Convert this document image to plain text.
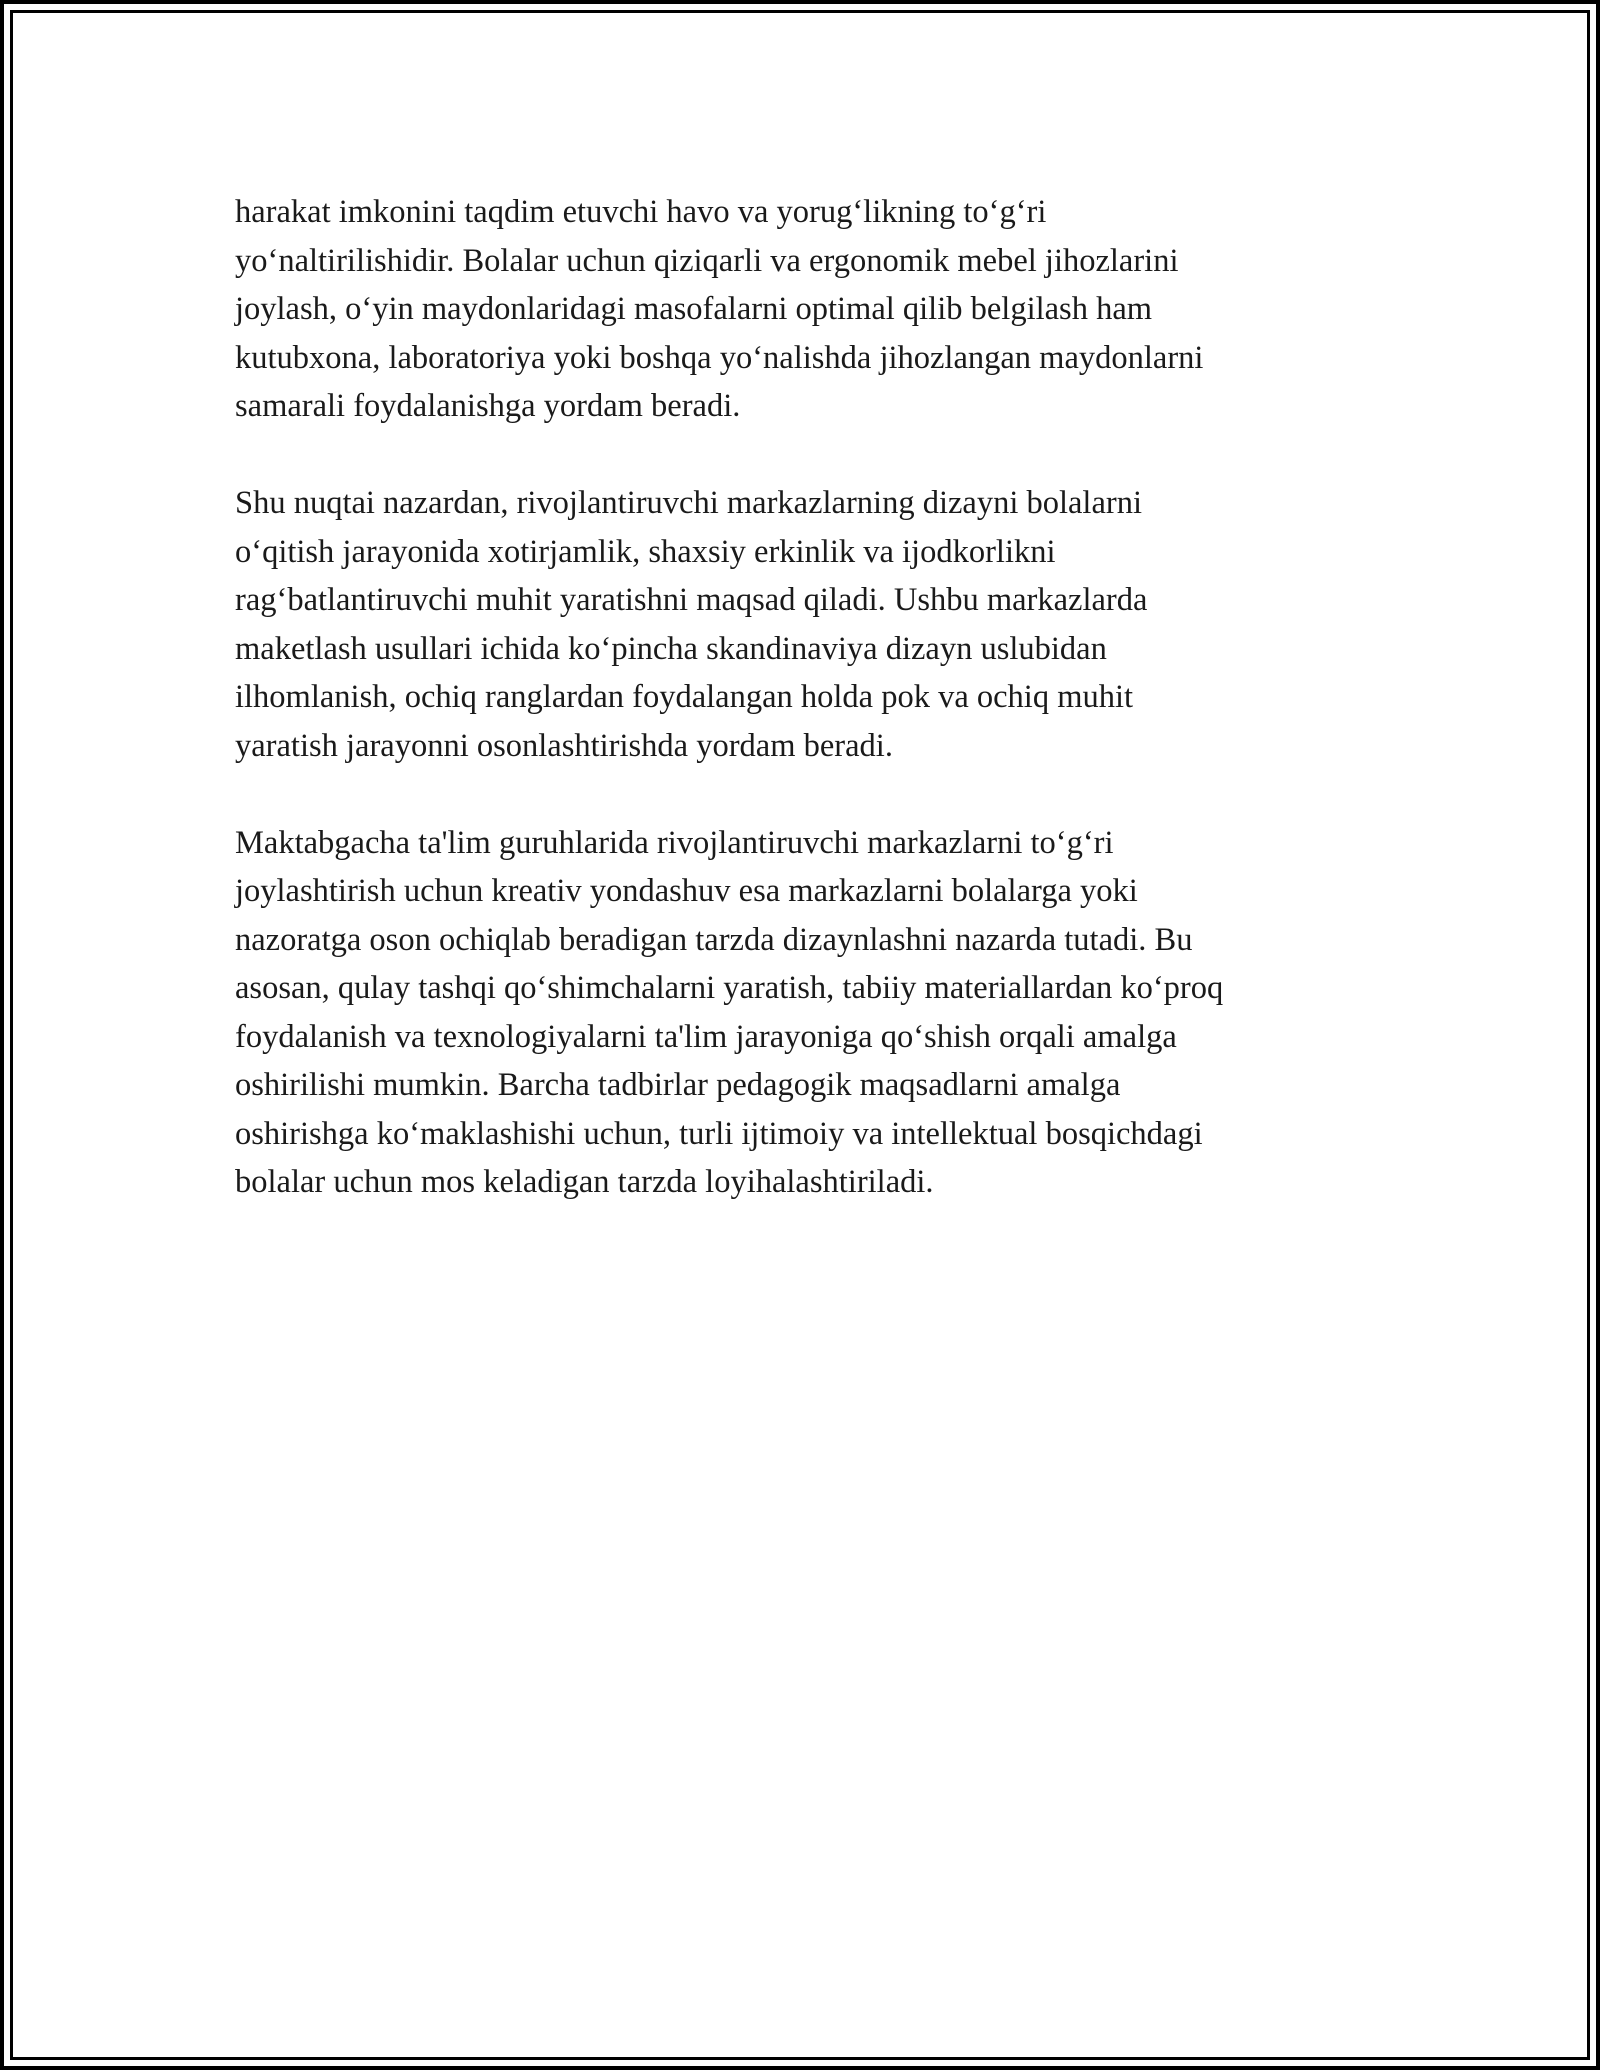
harakat imkonini taqdim etuvchi havo va yorug‘likning to‘g‘ri
yo‘naltirilishidir. Bolalar uchun qiziqarli va ergonomik mebel jihozlarini
joylash, o‘yin maydonlaridagi masofalarni optimal qilib belgilash ham
kutubxona, laboratoriya yoki boshqa yo‘nalishda jihozlangan maydonlarni
samarali foydalanishga yordam beradi.

Shu nuqtai nazardan, rivojlantiruvchi markazlarning dizayni bolalarni
o‘qitish jarayonida xotirjamlik, shaxsiy erkinlik va ijodkorlikni
rag‘batlantiruvchi muhit yaratishni maqsad qiladi. Ushbu markazlarda
maketlash usullari ichida ko‘pincha skandinaviya dizayn uslubidan
ilhomlanish, ochiq ranglardan foydalangan holda pok va ochiq muhit
yaratish jarayonni osonlashtirishda yordam beradi.

Maktabgacha ta'lim guruhlarida rivojlantiruvchi markazlarni to‘g‘ri
joylashtirish uchun kreativ yondashuv esa markazlarni bolalarga yoki
nazoratga oson ochiqlab beradigan tarzda dizaynlashni nazarda tutadi. Bu
asosan, qulay tashqi qo‘shimchalarni yaratish, tabiiy materiallardan ko‘proq
foydalanish va texnologiyalarni ta'lim jarayoniga qo‘shish orqali amalga
oshirilishi mumkin. Barcha tadbirlar pedagogik maqsadlarni amalga
oshirishga ko‘maklashishi uchun, turli ijtimoiy va intellektual bosqichdagi
bolalar uchun mos keladigan tarzda loyihalashtiriladi.
